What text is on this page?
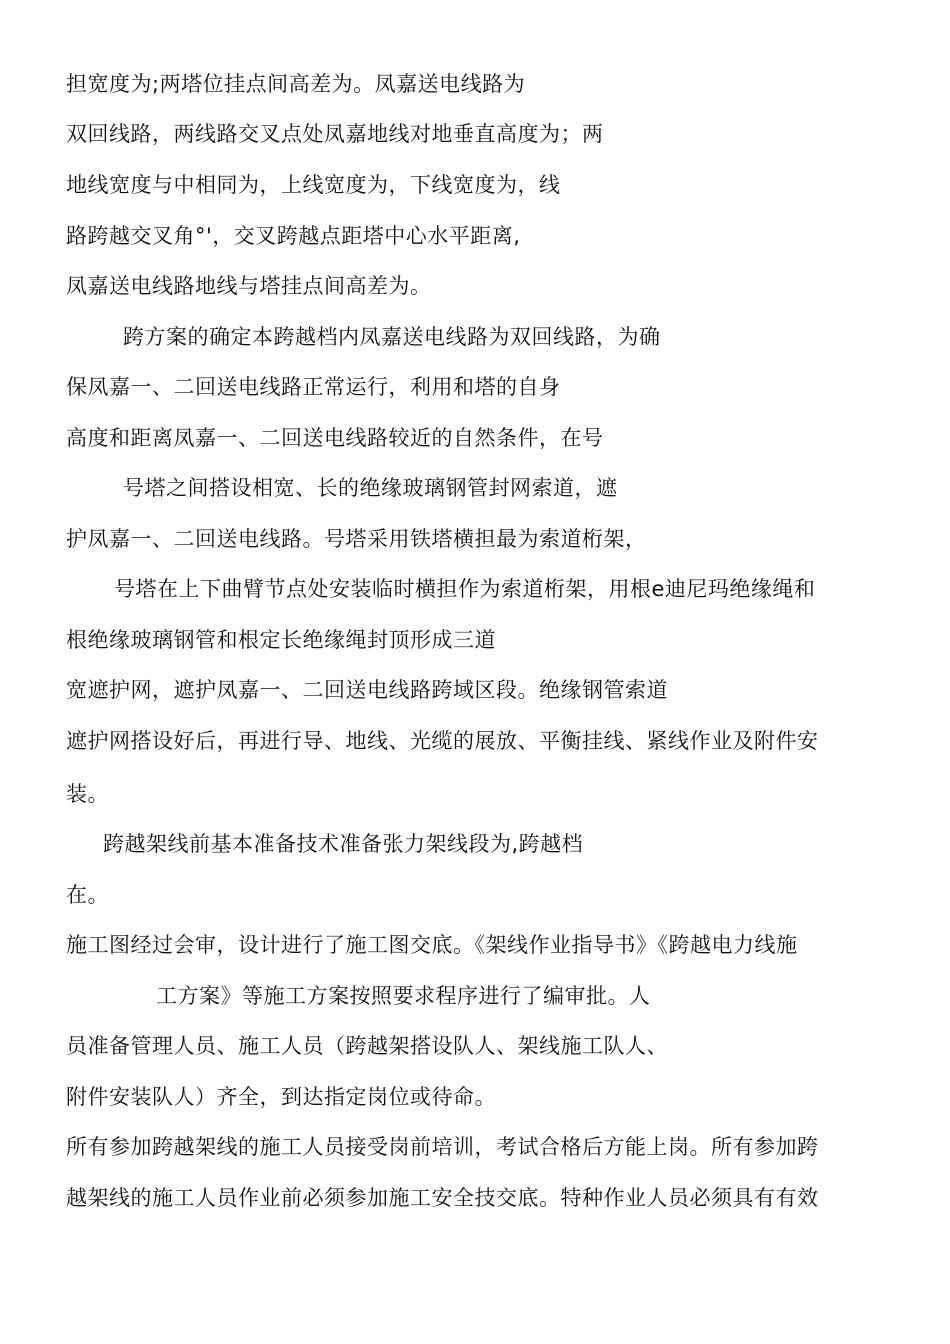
担宽度为;两塔位挂点间高差为。凤嘉送电线路为
双回线路，两线路交叉点处凤嘉地线对地垂直高度为；两
地线宽度与中相同为，上线宽度为，下线宽度为，线
路跨越交叉角°'，交叉跨越点距塔中心水平距离,
凤嘉送电线路地线与塔挂点间高差为。
跨方案的确定本跨越档内凤嘉送电线路为双回线路，为确
保凤嘉一、二回送电线路正常运行，利用和塔的自身
高度和距离凤嘉一、二回送电线路较近的自然条件，在号
号塔之间搭设相宽、长的绝缘玻璃钢管封网索道，遮
护凤嘉一、二回送电线路。号塔采用铁塔横担最为索道桁架，
号塔在上下曲臂节点处安装临时横担作为索道桁架，用根e迪尼玛绝缘绳和
根绝缘玻璃钢管和根定长绝缘绳封顶形成三道
宽遮护网，遮护凤嘉一、二回送电线路跨域区段。绝缘钢管索道
遮护网搭设好后，再进行导、地线、光缆的展放、平衡挂线、紧线作业及附件安
装。
跨越架线前基本准备技术准备张力架线段为,跨越档
在。
施工图经过会审，设计进行了施工图交底。《架线作业指导书》《跨越电力线施
工方案》等施工方案按照要求程序进行了编审批。人
员准备管理人员、施工人员（跨越架搭设队人、架线施工队人、
附件安装队人）齐全，到达指定岗位或待命。
所有参加跨越架线的施工人员接受岗前培训，考试合格后方能上岗。所有参加跨
越架线的施工人员作业前必须参加施工安全技交底。特种作业人员必须具有有效
